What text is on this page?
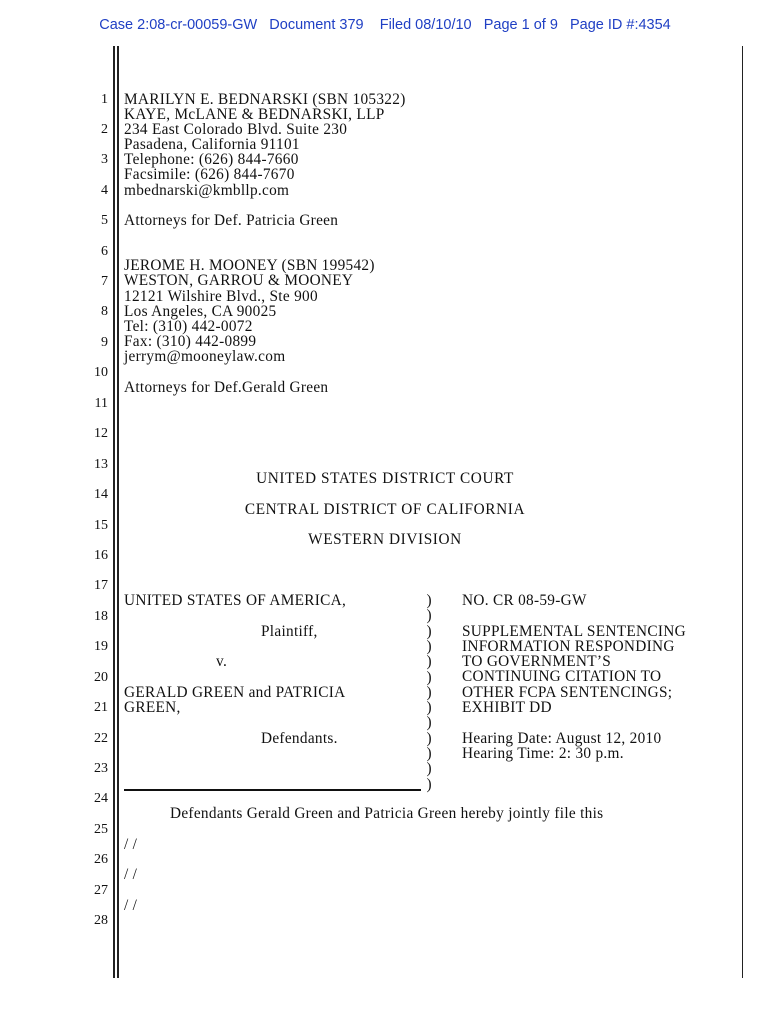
Case 2:08-cr-00059-GW   Document 379    Filed 08/10/10   Page 1 of 9   Page ID #:4354
1
2
3
4
5
6
7
8
9
10
11
12
13
14
15
16
17
18
19
20
21
22
23
24
25
26
27
28
MARILYN E. BEDNARSKI (SBN 105322)
KAYE, McLANE & BEDNARSKI, LLP
234 East Colorado Blvd. Suite 230
Pasadena, California 91101
Telephone: (626) 844-7660
Facsimile: (626) 844-7670
mbednarski@kmbllp.com
Attorneys for Def. Patricia Green
JEROME H. MOONEY (SBN 199542)
WESTON, GARROU & MOONEY
12121 Wilshire Blvd., Ste 900
Los Angeles, CA 90025
Tel: (310) 442-0072
Fax: (310) 442-0899
jerrym@mooneylaw.com
Attorneys for Def.Gerald Green
UNITED STATES DISTRICT COURT
CENTRAL DISTRICT OF CALIFORNIA
WESTERN DIVISION
UNITED STATES OF AMERICA,
Plaintiff,
v.
GERALD GREEN and PATRICIA
GREEN,
Defendants.
)
)
)
)
)
)
)
)
)
)
)
)
)
NO. CR 08-59-GW
SUPPLEMENTAL SENTENCING
INFORMATION RESPONDING
TO GOVERNMENT’S
CONTINUING CITATION TO
OTHER FCPA SENTENCINGS;
EXHIBIT DD
Hearing Date: August 12, 2010
Hearing Time: 2: 30 p.m.
Defendants Gerald Green and Patricia Green hereby jointly file this
/ /
/ /
/ /
